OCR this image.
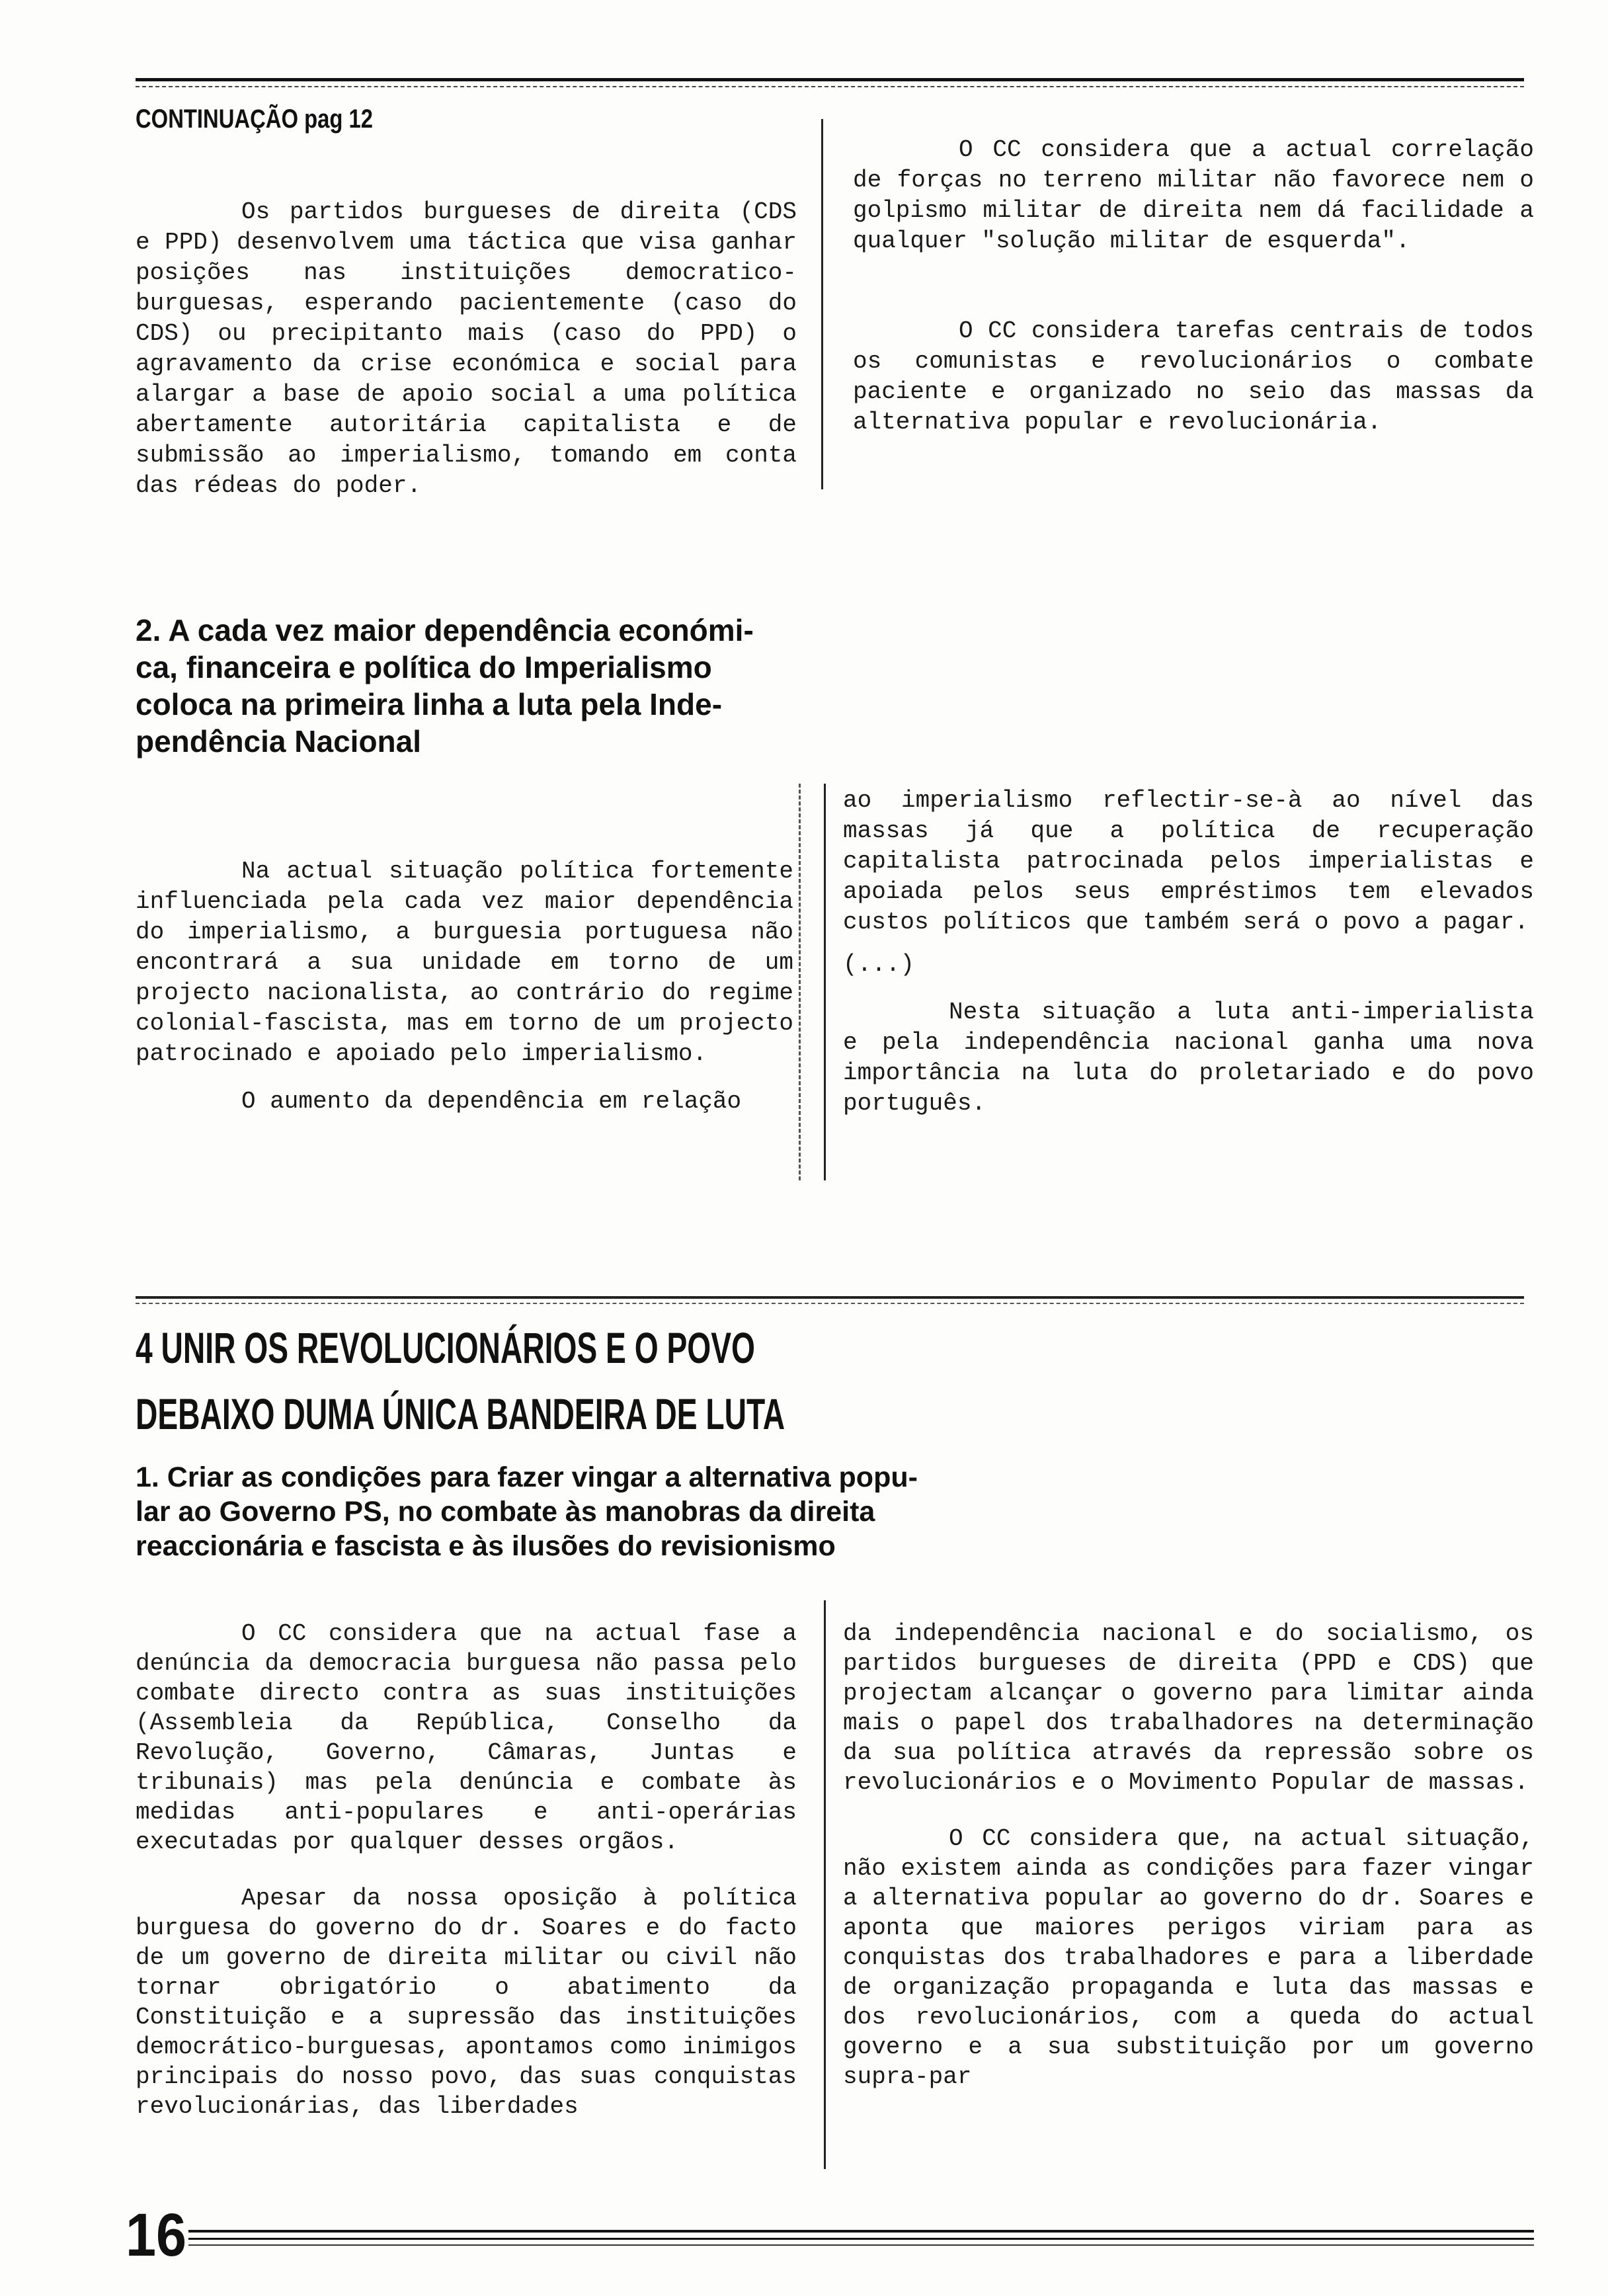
CONTINUAÇÃO pag 12

Os partidos burgueses de direita (CDS e PPD) desenvolvem uma táctica que visa ganhar posições nas instituições democratico-burguesas, esperando pacientemente (caso do CDS) ou precipitanto mais (caso do PPD) o agravamento da crise económica e social para alargar a base de apoio social a uma política abertamente autoritária capitalista e de submissão ao imperialismo, tomando em conta das rédeas do poder.

O CC considera que a actual correlação de forças no terreno militar não favorece nem o golpismo militar de direita nem dá facilidade a qualquer "solução militar de esquerda".

O CC considera tarefas centrais de todos os comunistas e revolucionários o combate paciente e organizado no seio das massas da alternativa popular e revolucionária.

2. A cada vez maior dependência económi-
ca, financeira e política do Imperialismo
coloca na primeira linha a luta pela Inde-
pendência Nacional

Na actual situação política fortemente influenciada pela cada vez maior dependência do imperialismo, a burguesia portuguesa não encontrará a sua unidade em torno de um projecto nacionalista, ao contrário do regime colonial-fascista, mas em torno de um projecto patrocinado e apoiado pelo imperialismo.

O aumento da dependência em relação

ao imperialismo reflectir-se-à ao nível das massas já que a política de recuperação capitalista patrocinada pelos imperialistas e apoiada pelos seus empréstimos tem elevados custos políticos que também será o povo a pagar.

(...)

Nesta situação a luta anti-imperialista e pela independência nacional ganha uma nova importância na luta do proletariado e do povo português.

4 UNIR OS REVOLUCIONÁRIOS E O POVO
DEBAIXO DUMA ÚNICA BANDEIRA DE LUTA
1. Criar as condições para fazer vingar a alternativa popu-
lar ao Governo PS, no combate às manobras da direita
reaccionária e fascista e às ilusões do revisionismo

O CC considera que na actual fase a denúncia da democracia burguesa não passa pelo combate directo contra as suas instituições (Assembleia da República, Conselho da Revolução, Governo, Câmaras, Juntas e tribunais) mas pela denúncia e combate às medidas anti-populares e anti-operárias executadas por qualquer desses orgãos.

Apesar da nossa oposição à política burguesa do governo do dr. Soares e do facto de um governo de direita militar ou civil não tornar obrigatório o abatimento da Constituição e a supressão das instituições democrático-burguesas, apontamos como inimigos principais do nosso povo, das suas conquistas revolucionárias, das liberdades

da independência nacional e do socialismo, os partidos burgueses de direita (PPD e CDS) que projectam alcançar o governo para limitar ainda mais o papel dos trabalhadores na determinação da sua política através da repressão sobre os revolucionários e o Movimento Popular de massas.

O CC considera que, na actual situação, não existem ainda as condições para fazer vingar a alternativa popular ao governo do dr. Soares e aponta que maiores perigos viriam para as conquistas dos trabalhadores e para a liberdade de organização propaganda e luta das massas e dos revolucionários, com a queda do actual governo e a sua substituição por um governo supra-par

16
